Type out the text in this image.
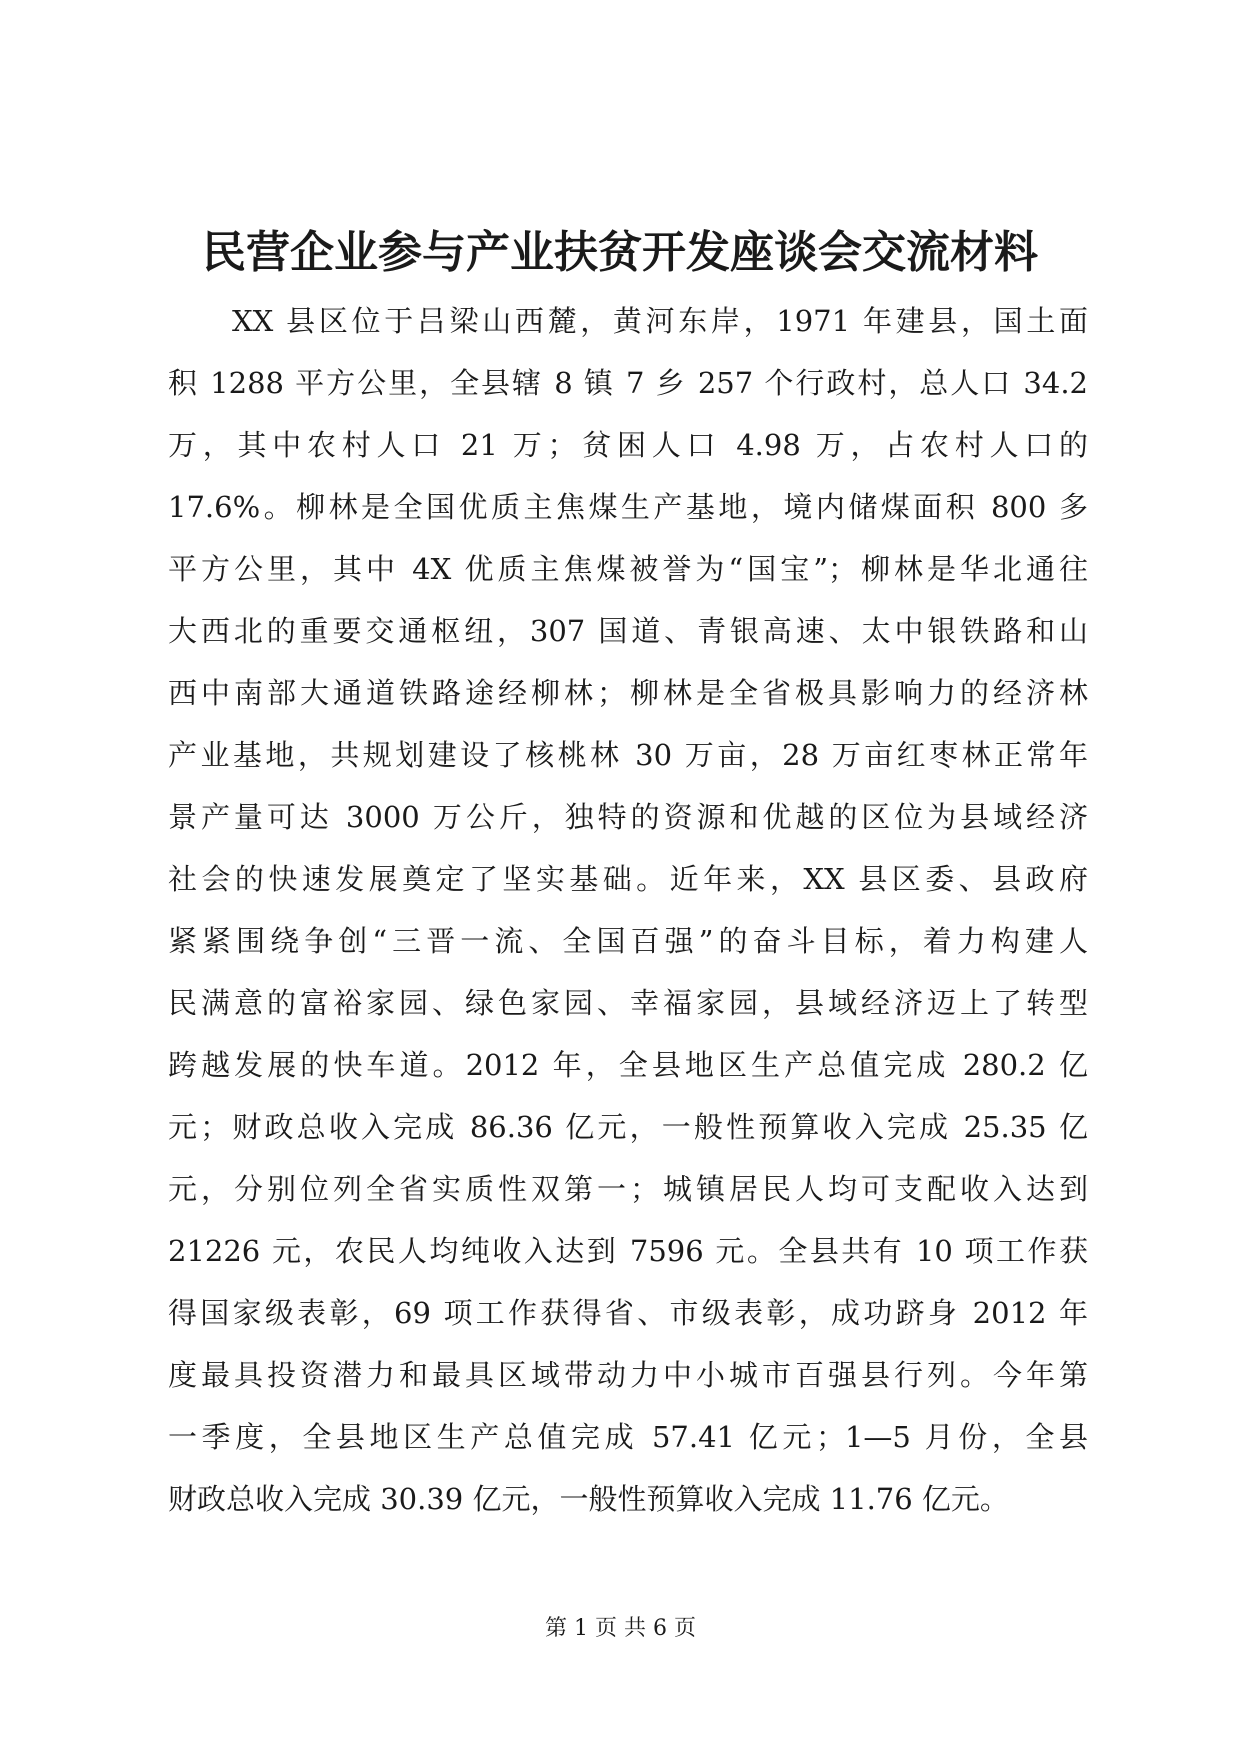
民营企业参与产业扶贫开发座谈会交流材料
XX 县区位于吕梁山西麓，黄河东岸，1971 年建县，国土面
积 1288 平方公里，全县辖 8 镇 7 乡 257 个行政村，总人口 34.2
万，其中农村人口 21 万；贫困人口 4.98 万，占农村人口的
17.6%。柳林是全国优质主焦煤生产基地，境内储煤面积 800 多
平方公里，其中 4X 优质主焦煤被誉为“国宝”；柳林是华北通往
大西北的重要交通枢纽，307 国道、青银高速、太中银铁路和山
西中南部大通道铁路途经柳林；柳林是全省极具影响力的经济林
产业基地，共规划建设了核桃林 30 万亩，28 万亩红枣林正常年
景产量可达 3000 万公斤，独特的资源和优越的区位为县域经济
社会的快速发展奠定了坚实基础。近年来，XX 县区委、县政府
紧紧围绕争创“三晋一流、全国百强”的奋斗目标，着力构建人
民满意的富裕家园、绿色家园、幸福家园，县域经济迈上了转型
跨越发展的快车道。2012 年，全县地区生产总值完成 280.2 亿
元；财政总收入完成 86.36 亿元，一般性预算收入完成 25.35 亿
元，分别位列全省实质性双第一；城镇居民人均可支配收入达到
21226 元，农民人均纯收入达到 7596 元。全县共有 10 项工作获
得国家级表彰，69 项工作获得省、市级表彰，成功跻身 2012 年
度最具投资潜力和最具区域带动力中小城市百强县行列。今年第
一季度，全县地区生产总值完成 57.41 亿元；1—5 月份，全县
财政总收入完成 30.39 亿元，一般性预算收入完成 11.76 亿元。
第 1 页 共 6 页
